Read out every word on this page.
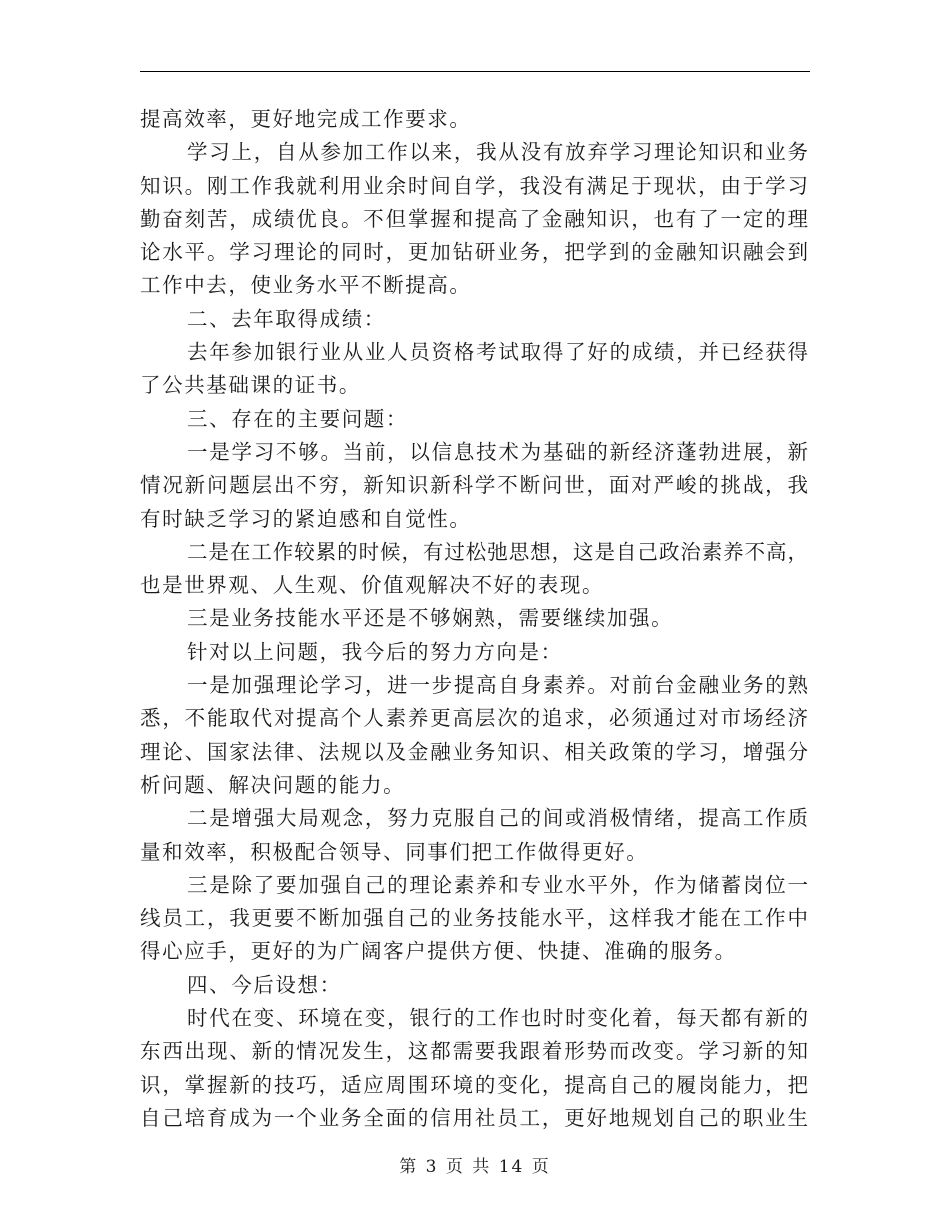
提高效率，更好地完成工作要求。
学习上，自从参加工作以来，我从没有放弃学习理论知识和业务
知识。刚工作我就利用业余时间自学，我没有满足于现状，由于学习
勤奋刻苦，成绩优良。不但掌握和提高了金融知识，也有了一定的理
论水平。学习理论的同时，更加钻研业务，把学到的金融知识融会到
工作中去，使业务水平不断提高。
二、去年取得成绩：
去年参加银行业从业人员资格考试取得了好的成绩，并已经获得
了公共基础课的证书。
三、存在的主要问题：
一是学习不够。当前，以信息技术为基础的新经济蓬勃进展，新
情况新问题层出不穷，新知识新科学不断问世，面对严峻的挑战，我
有时缺乏学习的紧迫感和自觉性。
二是在工作较累的时候，有过松弛思想，这是自己政治素养不高，
也是世界观、人生观、价值观解决不好的表现。
三是业务技能水平还是不够娴熟，需要继续加强。
针对以上问题，我今后的努力方向是：
一是加强理论学习，进一步提高自身素养。对前台金融业务的熟
悉，不能取代对提高个人素养更高层次的追求，必须通过对市场经济
理论、国家法律、法规以及金融业务知识、相关政策的学习，增强分
析问题、解决问题的能力。
二是增强大局观念，努力克服自己的间或消极情绪，提高工作质
量和效率，积极配合领导、同事们把工作做得更好。
三是除了要加强自己的理论素养和专业水平外，作为储蓄岗位一
线员工，我更要不断加强自己的业务技能水平，这样我才能在工作中
得心应手，更好的为广阔客户提供方便、快捷、准确的服务。
四、今后设想：
时代在变、环境在变，银行的工作也时时变化着，每天都有新的
东西出现、新的情况发生，这都需要我跟着形势而改变。学习新的知
识，掌握新的技巧，适应周围环境的变化，提高自己的履岗能力，把
自己培育成为一个业务全面的信用社员工，更好地规划自己的职业生
第 3 页 共 14 页
